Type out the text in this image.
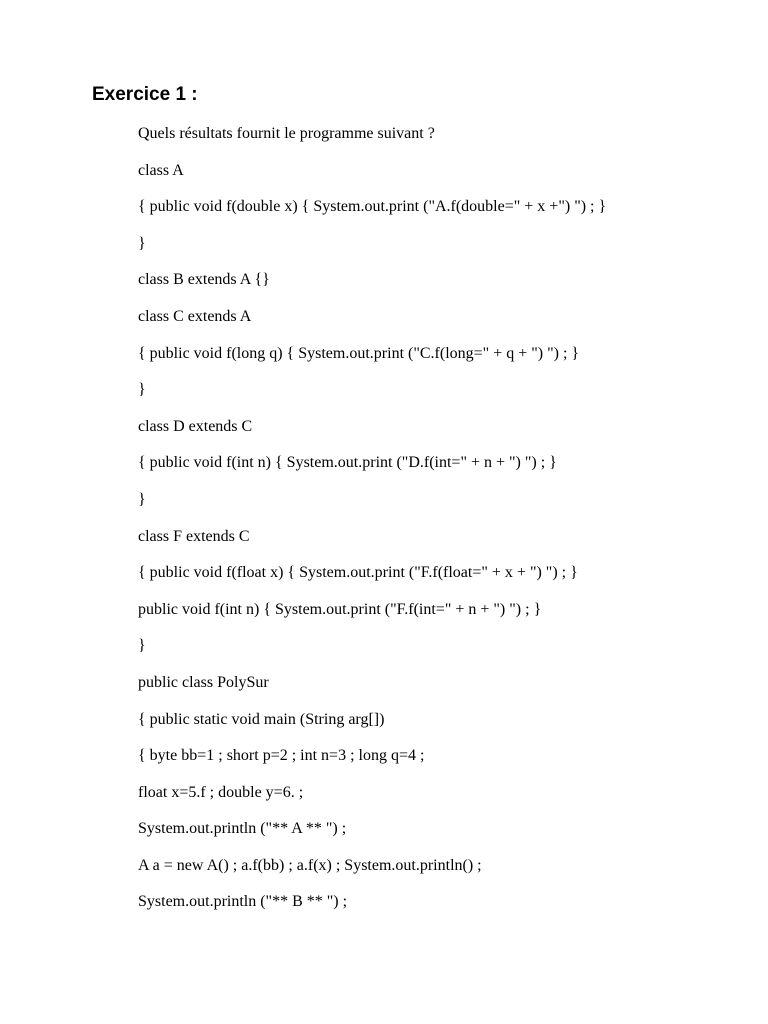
Exercice 1 :
Quels résultats fournit le programme suivant ?
class A
{ public void f(double x) { System.out.print ("A.f(double=" + x +") ") ; }
}
class B extends A {}
class C extends A
{ public void f(long q) { System.out.print ("C.f(long=" + q + ") ") ; }
}
class D extends C
{ public void f(int n) { System.out.print ("D.f(int=" + n + ") ") ; }
}
class F extends C
{ public void f(float x) { System.out.print ("F.f(float=" + x + ") ") ; }
public void f(int n) { System.out.print ("F.f(int=" + n + ") ") ; }
}
public class PolySur
{ public static void main (String arg[])
{ byte bb=1 ; short p=2 ; int n=3 ; long q=4 ;
float x=5.f ; double y=6. ;
System.out.println ("** A ** ") ;
A a = new A() ; a.f(bb) ; a.f(x) ; System.out.println() ;
System.out.println ("** B ** ") ;
